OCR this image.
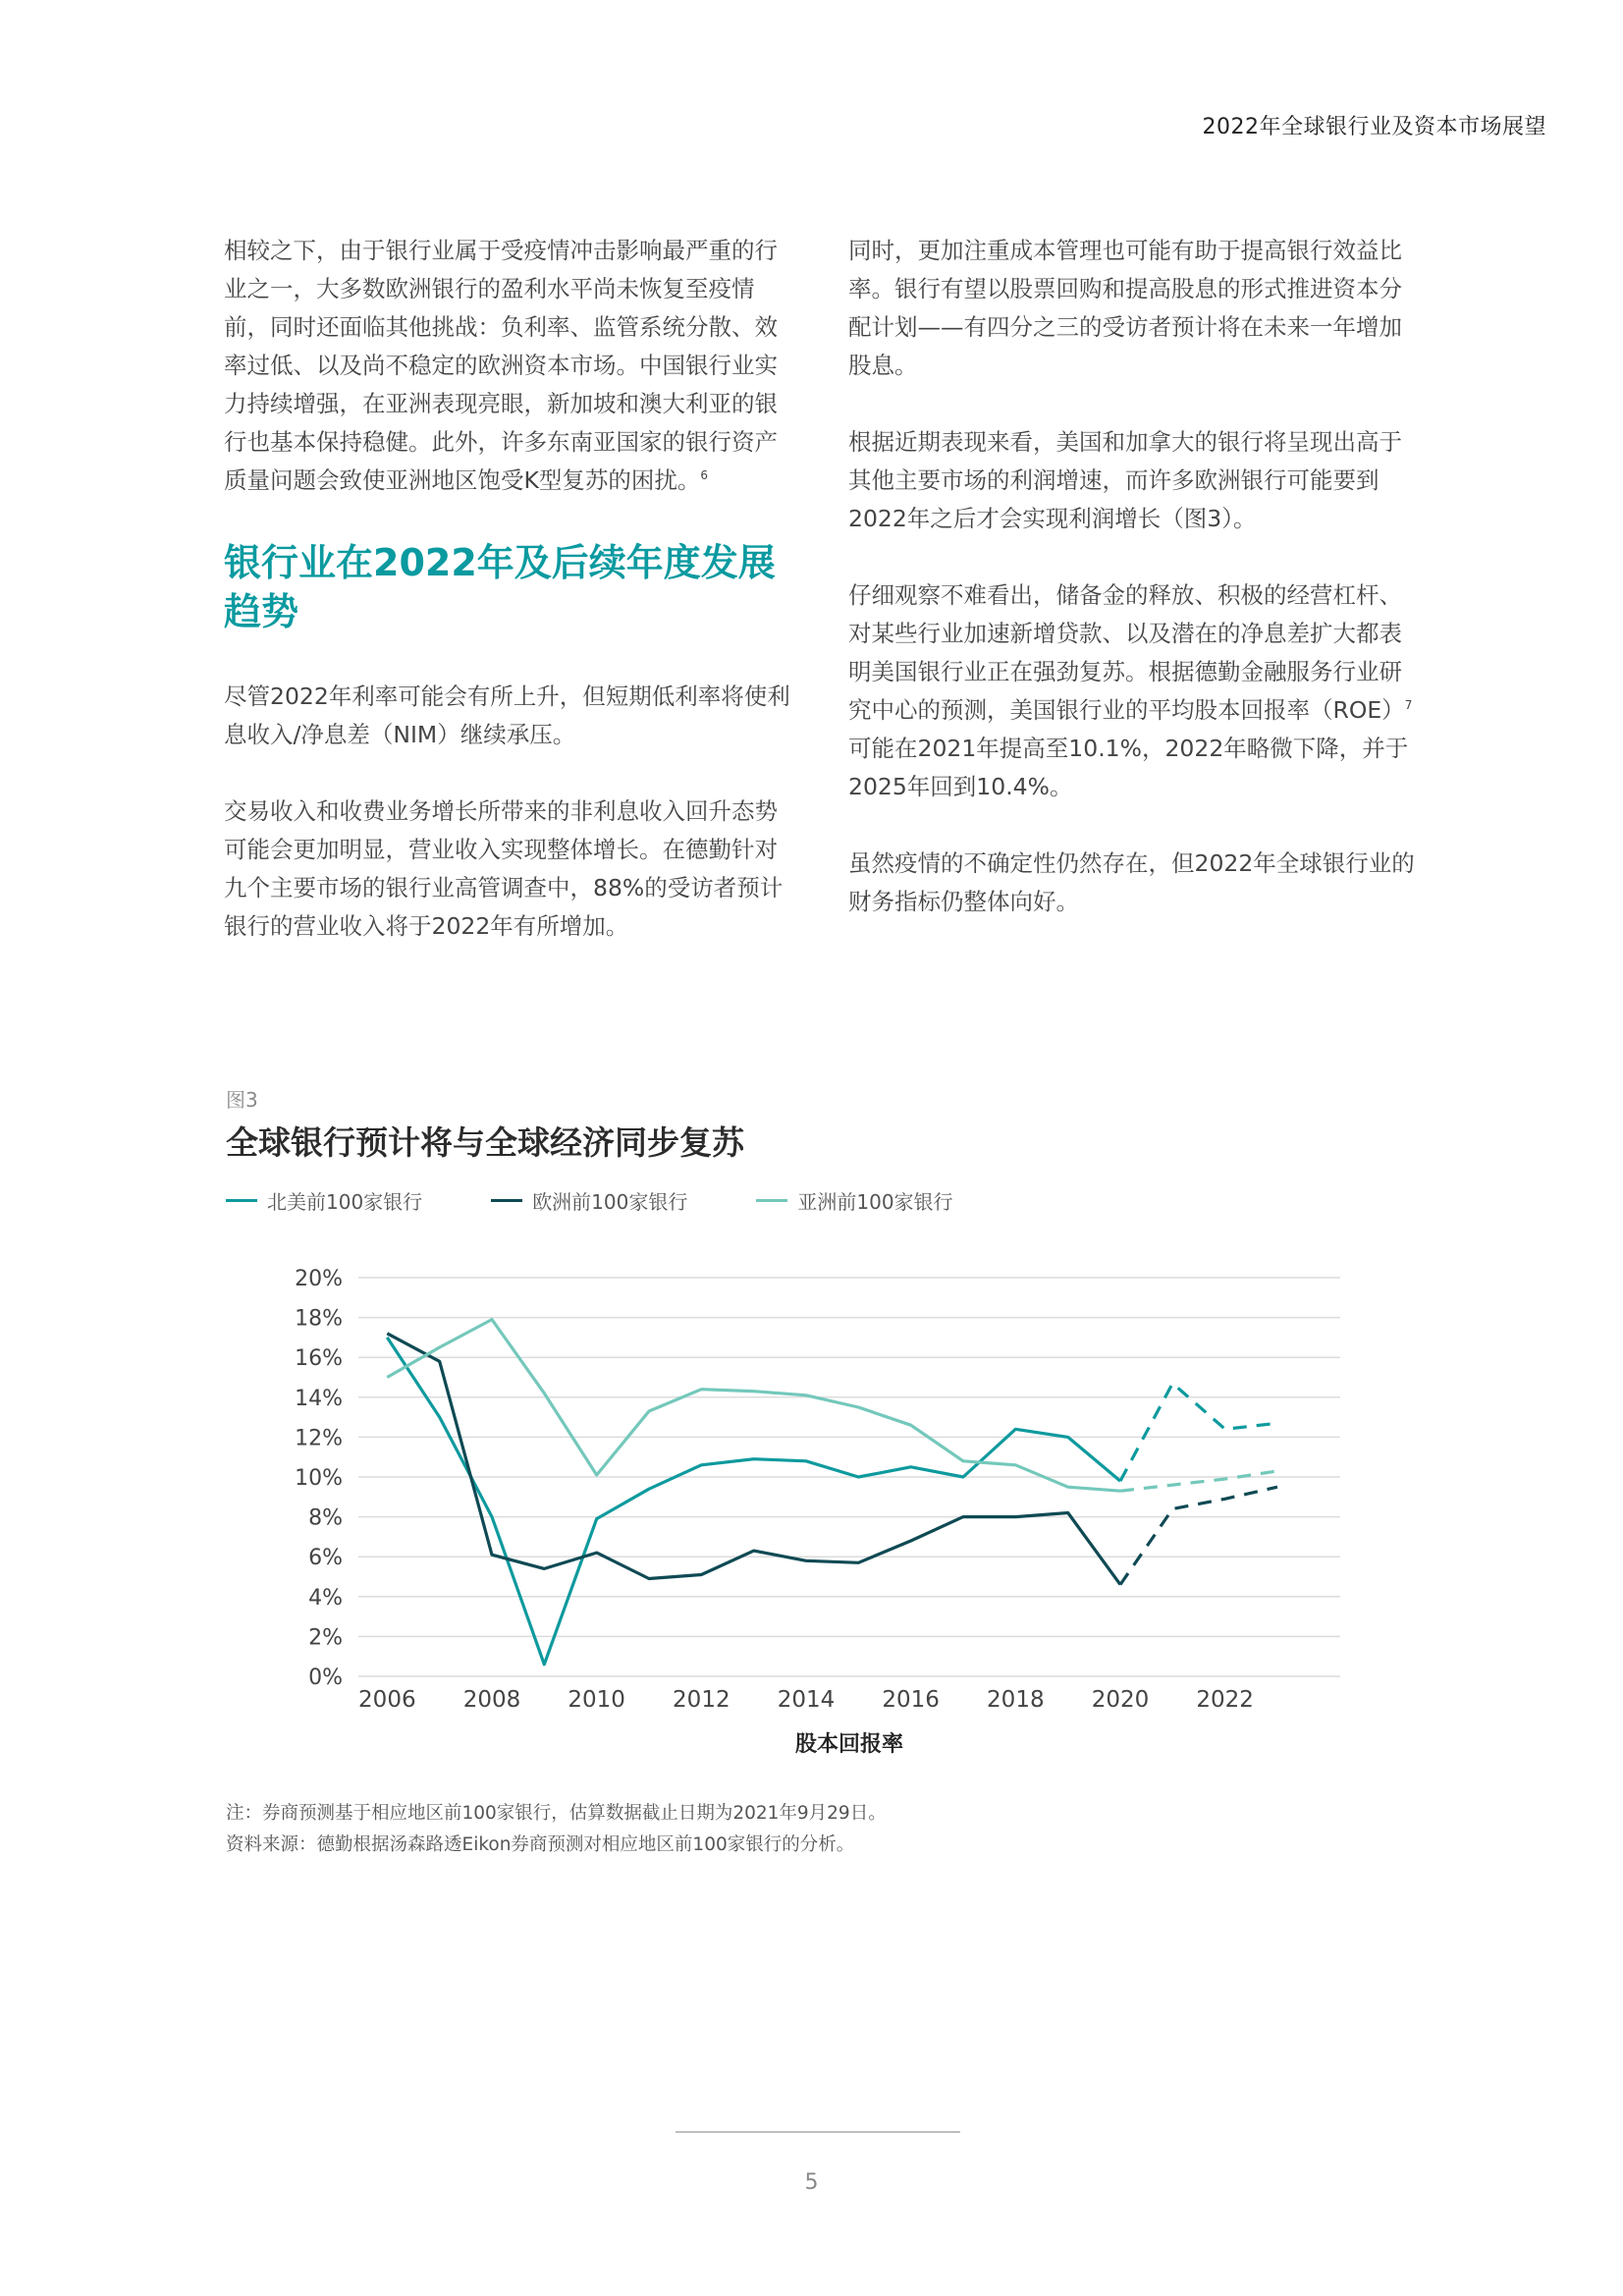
2022年全球银行业及资本市场展望

相较之下，由于银行业属于受疫情冲击影响最严重的行业之一，大多数欧洲银行的盈利水平尚未恢复至疫情前，同时还面临其他挑战：负利率、监管系统分散、效率过低、以及尚不稳定的欧洲资本市场。中国银行业实力持续增强，在亚洲表现亮眼，新加坡和澳大利亚的银行也基本保持稳健。此外，许多东南亚国家的银行资产质量问题会致使亚洲地区饱受K型复苏的困扰。$^6$

银行业在2022年及后续年度发展趋势

尽管2022年利率可能会有所上升，但短期低利率将使利息收入/净息差（NIM）继续承压。

交易收入和收费业务增长所带来的非利息收入回升态势可能会更加明显，营业收入实现整体增长。在德勤针对九个主要市场的银行业高管调查中，88%的受访者预计银行的营业收入将于2022年有所增加。

同时，更加注重成本管理也可能有助于提高银行效益比率。银行有望以股票回购和提高股息的形式推进资本分配计划——有四分之三的受访者预计将在未来一年增加股息。

根据近期表现来看，美国和加拿大的银行将呈现出高于其他主要市场的利润增速，而许多欧洲银行可能要到2022年之后才会实现利润增长（图3）。

仔细观察不难看出，储备金的释放、积极的经营杠杆、对某些行业加速新增贷款、以及潜在的净息差扩大都表明美国银行业正在强劲复苏。根据德勤金融服务行业研究中心的预测，美国银行业的平均股本回报率（ROE）$^7$可能在2021年提高至10.1%，2022年略微下降，并于2025年回到10.4%。

虽然疫情的不确定性仍然存在，但2022年全球银行业的财务指标仍整体向好。

图3
全球银行预计将与全球经济同步复苏
北美前100家银行	欧洲前100家银行	亚洲前100家银行
0%
2%
4%
6%
8%
10%
12%
14%
16%
18%
20%
2006 2008 2010 2012 2014 2016 2018 2020 2022
股本回报率
注：券商预测基于相应地区前100家银行，估算数据截止日期为2021年9月29日。
资料来源：德勤根据汤森路透Eikon券商预测对相应地区前100家银行的分析。
5
